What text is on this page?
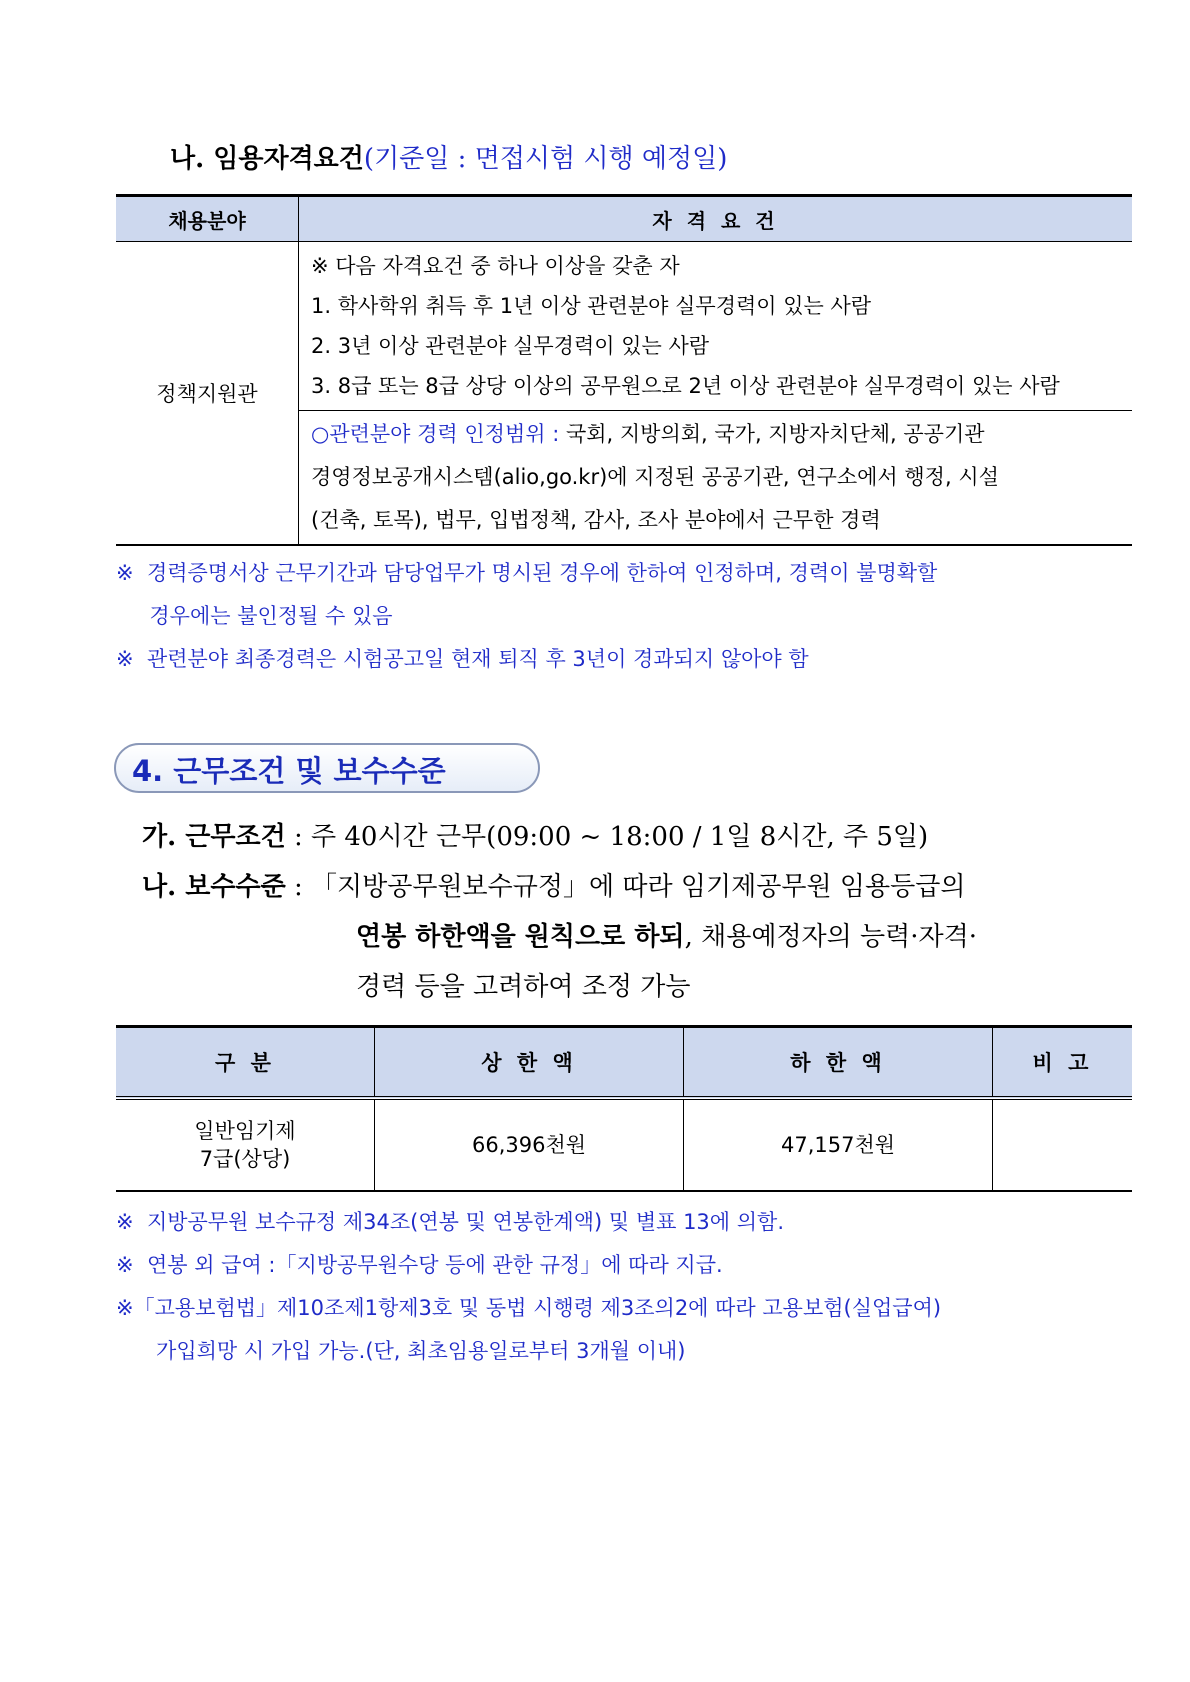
나. 임용자격요건(기준일 : 면접시험 시행 예정일)
채용분야	자 격 요 건
정책지원관	※ 다음 자격요건 중 하나 이상을 갖춘 자
1. 학사학위 취득 후 1년 이상 관련분야 실무경력이 있는 사람
2. 3년 이상 관련분야 실무경력이 있는 사람
3. 8급 또는 8급 상당 이상의 공무원으로 2년 이상 관련분야 실무경력이 있는 사람

	○관련분야 경력 인정범위 : 국회, 지방의회, 국가, 지방자치단체, 공공기관
경영정보공개시스템(alio,go.kr)에 지정된 공공기관, 연구소에서 행정, 시설
(건축, 토목), 법무, 입법정책, 감사, 조사 분야에서 근무한 경력
※  경력증명서상 근무기간과 담당업무가 명시된 경우에 한하여 인정하며, 경력이 불명확할
경우에는 불인정될 수 있음
※  관련분야 최종경력은 시험공고일 현재 퇴직 후 3년이 경과되지 않아야 함
4. 근무조건 및 보수수준
가. 근무조건 : 주 40시간 근무(09:00 ~ 18:00 / 1일 8시간, 주 5일)
나. 보수수준 : 「지방공무원보수규정」에 따라 임기제공무원 임용등급의
연봉 하한액을 원칙으로 하되, 채용예정자의 능력·자격·
경력 등을 고려하여 조정 가능
구 분	상 한 액	하 한 액	비 고

일반임기제
7급(상당)	66,396천원	47,157천원	
※  지방공무원 보수규정 제34조(연봉 및 연봉한계액) 및 별표 13에 의함.
※  연봉 외 급여 :「지방공무원수당 등에 관한 규정」에 따라 지급.
※「고용보험법」제10조제1항제3호 및 동법 시행령 제3조의2에 따라 고용보험(실업급여)
가입희망 시 가입 가능.(단, 최초임용일로부터 3개월 이내)
